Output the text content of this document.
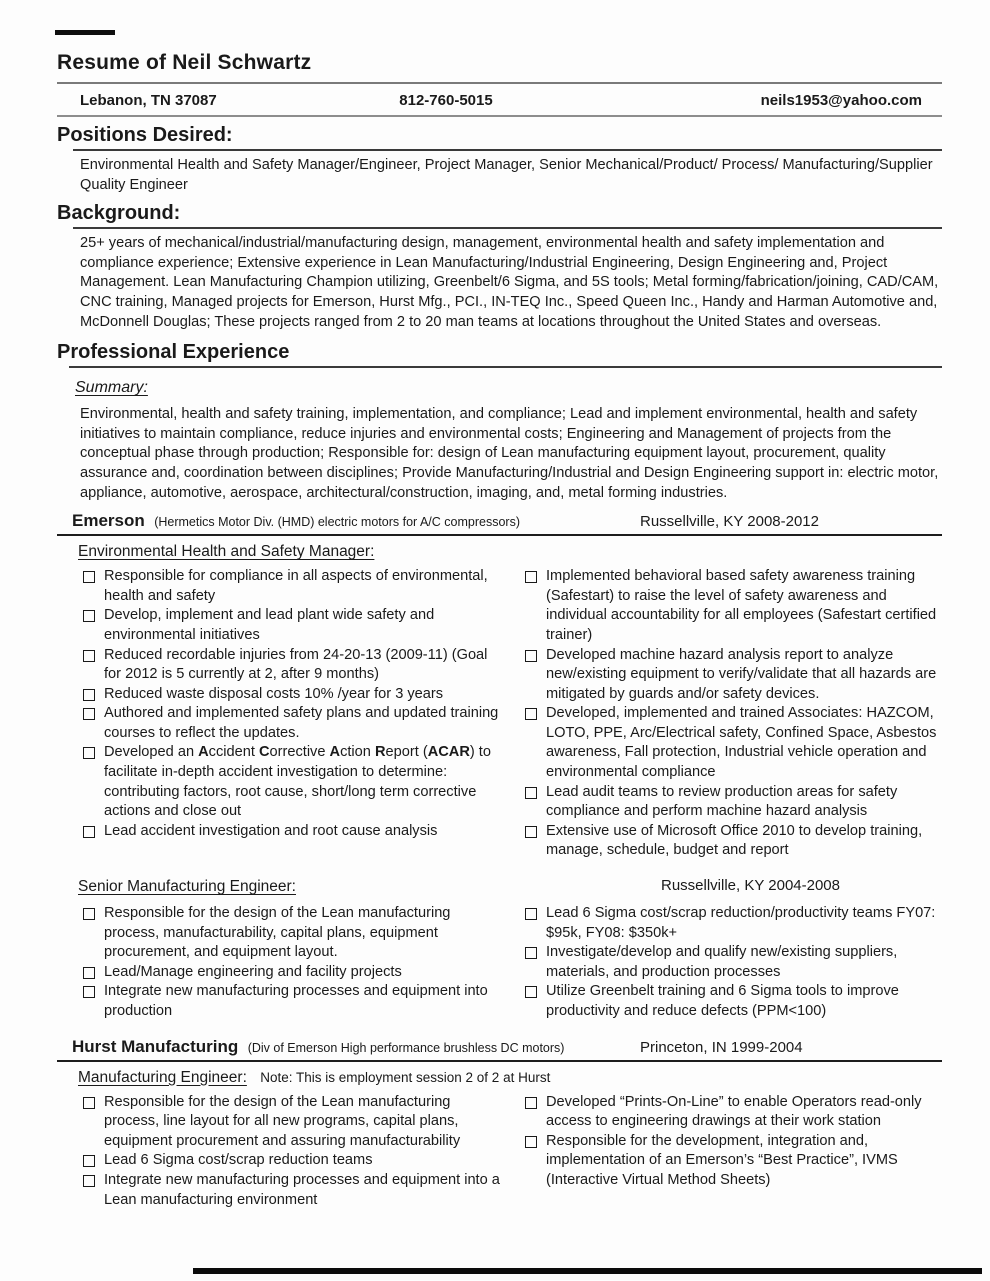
Resume of Neil Schwartz
Lebanon, TN 37087	812-760-5015	neils1953@yahoo.com
Positions Desired:
Environmental Health and Safety Manager/Engineer, Project Manager, Senior Mechanical/Product/ Process/ Manufacturing/Supplier Quality Engineer
Background:
25+ years of mechanical/industrial/manufacturing design, management, environmental health and safety implementation and compliance experience; Extensive experience in Lean Manufacturing/Industrial Engineering, Design Engineering and, Project Management. Lean Manufacturing Champion utilizing, Greenbelt/6 Sigma, and 5S tools; Metal forming/fabrication/joining, CAD/CAM, CNC training, Managed projects for Emerson, Hurst Mfg., PCI., IN-TEQ Inc., Speed Queen Inc., Handy and Harman Automotive and, McDonnell Douglas; These projects ranged from 2 to 20 man teams at locations throughout the United States and overseas.
Professional Experience
Summary:
Environmental, health and safety training, implementation, and compliance; Lead and implement environmental, health and safety initiatives to maintain compliance, reduce injuries and environmental costs; Engineering and Management of projects from the conceptual phase through production; Responsible for: design of Lean manufacturing equipment layout, procurement, quality assurance and, coordination between disciplines; Provide Manufacturing/Industrial and Design Engineering support in: electric motor, appliance, automotive, aerospace, architectural/construction, imaging, and, metal forming industries.
Emerson (Hermetics Motor Div. (HMD) electric motors for A/C compressors)	Russellville, KY 2008-2012
Environmental Health and Safety Manager:
Responsible for compliance in all aspects of environmental, health and safety
Develop, implement and lead plant wide safety and environmental initiatives
Reduced recordable injuries from 24-20-13 (2009-11) (Goal for 2012 is 5 currently at 2, after 9 months)
Reduced waste disposal costs 10% /year for 3 years
Authored and implemented safety plans and updated training courses to reflect the updates.
Developed an Accident Corrective Action Report (ACAR) to facilitate in-depth accident investigation to determine: contributing factors, root cause, short/long term corrective actions and close out
Lead accident investigation and root cause analysis
Implemented behavioral based safety awareness training (Safestart) to raise the level of safety awareness and individual accountability for all employees (Safestart certified trainer)
Developed machine hazard analysis report to analyze new/existing equipment to verify/validate that all hazards are mitigated by guards and/or safety devices.
Developed, implemented and trained Associates: HAZCOM, LOTO, PPE, Arc/Electrical safety, Confined Space, Asbestos awareness, Fall protection, Industrial vehicle operation and environmental compliance
Lead audit teams to review production areas for safety compliance and perform machine hazard analysis
Extensive use of Microsoft Office 2010 to develop training, manage, schedule, budget and report
Senior Manufacturing Engineer:	Russellville, KY 2004-2008
Responsible for the design of the Lean manufacturing process, manufacturability, capital plans, equipment procurement, and equipment layout.
Lead/Manage engineering and facility projects
Integrate new manufacturing processes and equipment into production
Lead 6 Sigma cost/scrap reduction/productivity teams FY07: $95k, FY08: $350k+
Investigate/develop and qualify new/existing suppliers, materials, and production processes
Utilize Greenbelt training and 6 Sigma tools to improve productivity and reduce defects (PPM<100)
Hurst Manufacturing (Div of Emerson High performance brushless DC motors)	Princeton, IN 1999-2004
Manufacturing Engineer: Note: This is employment session 2 of 2 at Hurst
Responsible for the design of the Lean manufacturing process, line layout for all new programs, capital plans, equipment procurement and assuring manufacturability
Lead 6 Sigma cost/scrap reduction teams
Integrate new manufacturing processes and equipment into a Lean manufacturing environment
Developed “Prints-On-Line” to enable Operators read-only access to engineering drawings at their work station
Responsible for the development, integration and, implementation of an Emerson’s “Best Practice”, IVMS (Interactive Virtual Method Sheets)
